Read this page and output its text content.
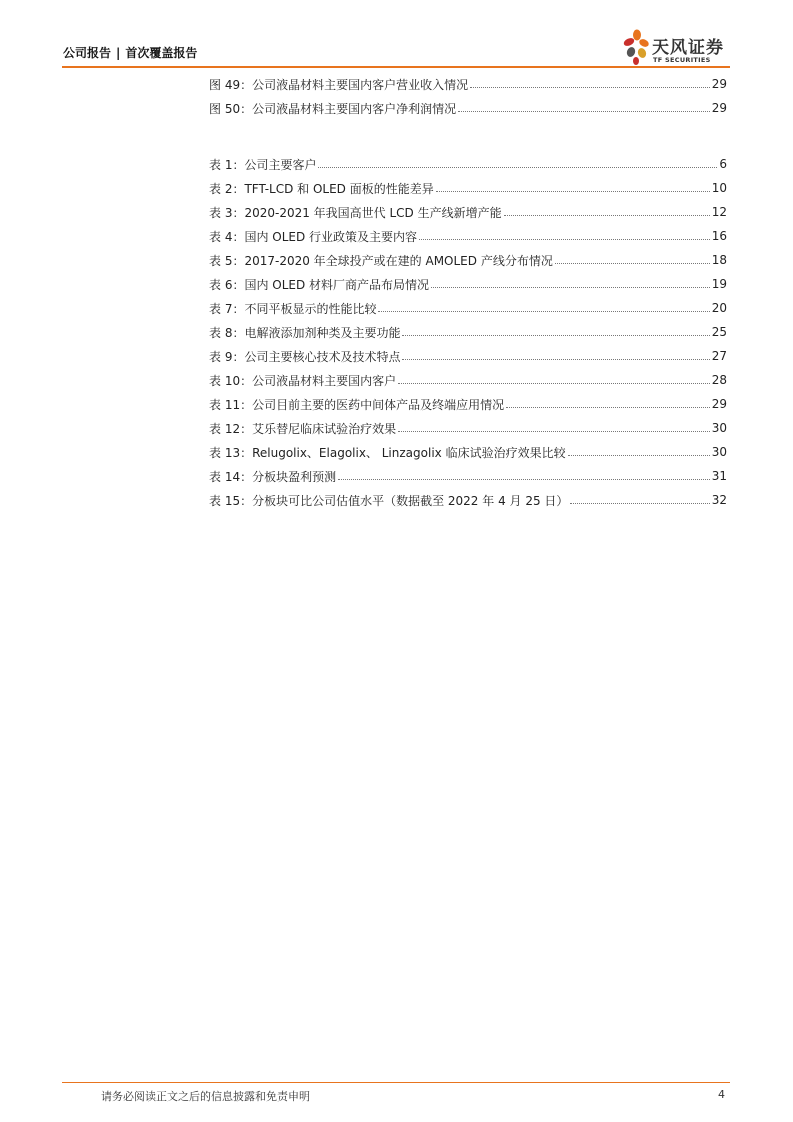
公司报告 | 首次覆盖报告	天风证券
TF SECURITIES
图 49：公司液晶材料主要国内客户营业收入情况	29
图 50：公司液晶材料主要国内客户净利润情况	29
表 1：公司主要客户	6
表 2：TFT-LCD 和 OLED 面板的性能差异	10
表 3：2020-2021 年我国高世代 LCD 生产线新增产能	12
表 4：国内 OLED 行业政策及主要内容	16
表 5：2017-2020 年全球投产或在建的 AMOLED 产线分布情况	18
表 6：国内 OLED 材料厂商产品布局情况	19
表 7：不同平板显示的性能比较	20
表 8：电解液添加剂种类及主要功能	25
表 9：公司主要核心技术及技术特点	27
表 10：公司液晶材料主要国内客户	28
表 11：公司目前主要的医药中间体产品及终端应用情况	29
表 12：艾乐替尼临床试验治疗效果	30
表 13：Relugolix、Elagolix、 Linzagolix 临床试验治疗效果比较	30
表 14：分板块盈利预测	31
表 15：分板块可比公司估值水平（数据截至 2022 年 4 月 25 日）	32
请务必阅读正文之后的信息披露和免责申明	4
